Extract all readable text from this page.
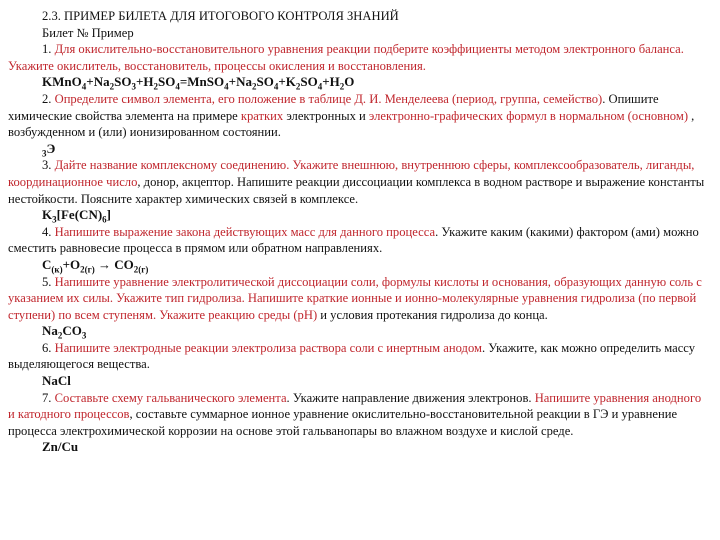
2.3. ПРИМЕР БИЛЕТА ДЛЯ ИТОГОВОГО КОНТРОЛЯ ЗНАНИЙ
Билет № Пример
1. Для окислительно-восстановительного уравнения реакции подберите коэффициенты методом электронного баланса. Укажите окислитель, восстановитель, процессы окисления и восстановления.
$KMnO_4+Na_2SO_3+H_2SO_4=MnSO_4+Na_2SO_4+K_2SO_4+H_2O$
2. Определите символ элемента, его положение в таблице Д. И. Менделеева (период, группа, семейство). Опишите химические свойства элемента на примере кратких электронных и электронно-графических формул в нормальном (основном) , возбужденном и (или) ионизированном состоянии.
$_3$Э
3. Дайте название комплексному соединению. Укажите внешнюю, внутреннюю сферы, комплексообразователь, лиганды, координационное число, донор, акцептор. Напишите реакции диссоциации комплекса в водном растворе и выражение константы нестойкости. Поясните характер химических связей в комплексе.
$K_3[Fe(CN)_6]$
4. Напишите выражение закона действующих масс для данного процесса. Укажите каким (какими) фактором (ами) можно сместить равновесие процесса в прямом или обратном направлениях.
$C_{(к)}+O_{2(г)} \to CO_{2(г)}$
5. Напишите уравнение электролитической диссоциации соли, формулы кислоты и основания, образующих данную соль с указанием их силы. Укажите тип гидролиза. Напишите краткие ионные и ионно-молекулярные уравнения гидролиза (по первой ступени) по всем ступеням. Укажите реакцию среды (pH) и условия протекания гидролиза до конца.
$Na_2CO_3$
6. Напишите электродные реакции электролиза раствора соли с инертным анодом. Укажите, как можно определить массу выделяющегося вещества.
NaCl
7. Составьте схему гальванического элемента. Укажите направление движения электронов. Напишите уравнения анодного и катодного процессов, составьте суммарное ионное уравнение окислительно-восстановительной реакции в ГЭ и уравнение процесса электрохимической коррозии на основе этой гальванопары во влажном воздухе и кислой среде.
Zn/Cu
